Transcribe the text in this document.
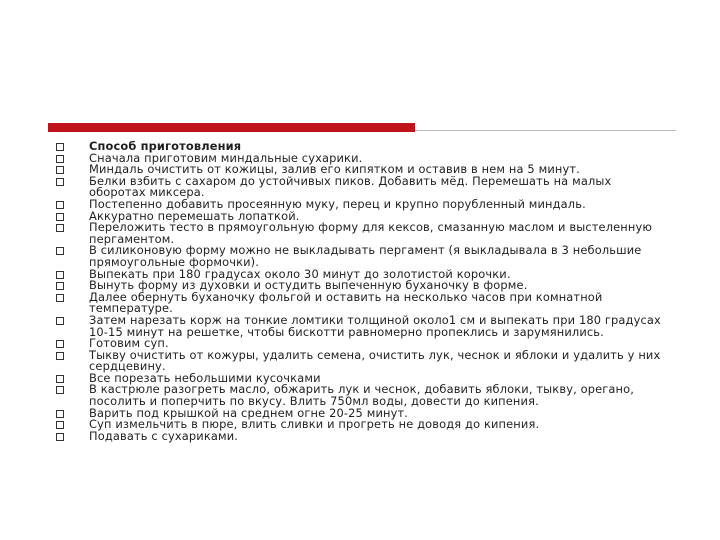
Способ приготовления
Сначала приготовим миндальные сухарики.
Миндаль очистить от кожицы, залив его кипятком и оставив в нем на 5 минут.
Белки взбить с сахаром до устойчивых пиков. Добавить мёд. Перемешать на малых
оборотах миксера.
Постепенно добавить просеянную муку, перец и крупно порубленный миндаль.
Аккуратно перемешать лопаткой.
Переложить тесто в прямоугольную форму для кексов, смазанную маслом и выстеленную
пергаментом.
В силиконовую форму можно не выкладывать пергамент (я выкладывала в 3 небольшие
прямоугольные формочки).
Выпекать при 180 градусах около 30 минут до золотистой корочки.
Вынуть форму из духовки и остудить выпеченную буханочку в форме.
Далее обернуть буханочку фольгой и оставить на несколько часов при комнатной
температуре.
Затем нарезать корж на тонкие ломтики толщиной около1 см и выпекать при 180 градусах
10-15 минут на решетке, чтобы бискотти равномерно пропеклись и зарумянились.
Готовим суп.
Тыкву очистить от кожуры, удалить семена, очистить лук, чеснок и яблоки и удалить у них
сердцевину.
Все порезать небольшими кусочками
В кастрюле разогреть масло, обжарить лук и чеснок, добавить яблоки, тыкву, орегано,
посолить и поперчить по вкусу. Влить 750мл воды, довести до кипения.
Варить под крышкой на среднем огне 20-25 минут.
Суп измельчить в пюре, влить сливки и прогреть не доводя до кипения.
Подавать с сухариками.
